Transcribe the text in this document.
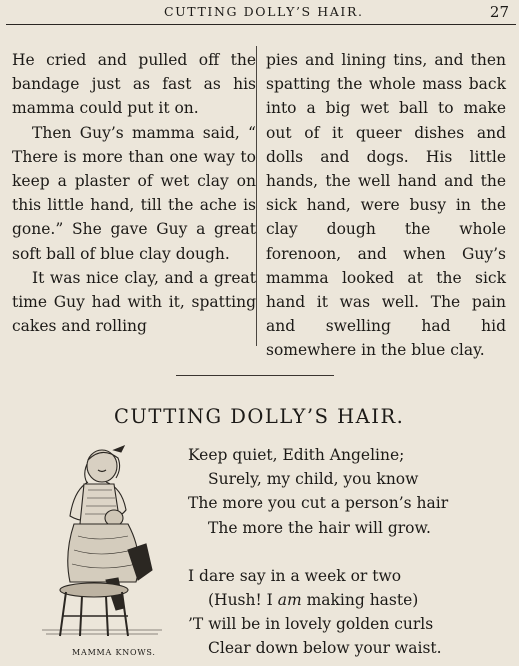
CUTTING DOLLY’S HAIR.	27

He cried and pulled off the bandage just as fast as his mamma could put it on.

Then Guy’s mamma said, “ There is more than one way to keep a plaster of wet clay on this little hand, till the ache is gone.” She gave Guy a great soft ball of blue clay dough.

It was nice clay, and a great time Guy had with it, spatting cakes and rolling

pies and lining tins, and then spatting the whole mass back into a big wet ball to make out of it queer dishes and dolls and dogs. His little hands, the well hand and the sick hand, were busy in the clay dough the whole forenoon, and when Guy’s mamma looked at the sick hand it was well. The pain and swelling had hid somewhere in the blue clay.

CUTTING DOLLY’S HAIR.
Keep quiet, Edith Angeline;
Surely, my child, you know
The more you cut a person’s hair
The more the hair will grow.
I dare say in a week or two
(Hush! I am making haste)
’T will be in lovely golden curls
Clear down below your waist.
MAMMA KNOWS.
